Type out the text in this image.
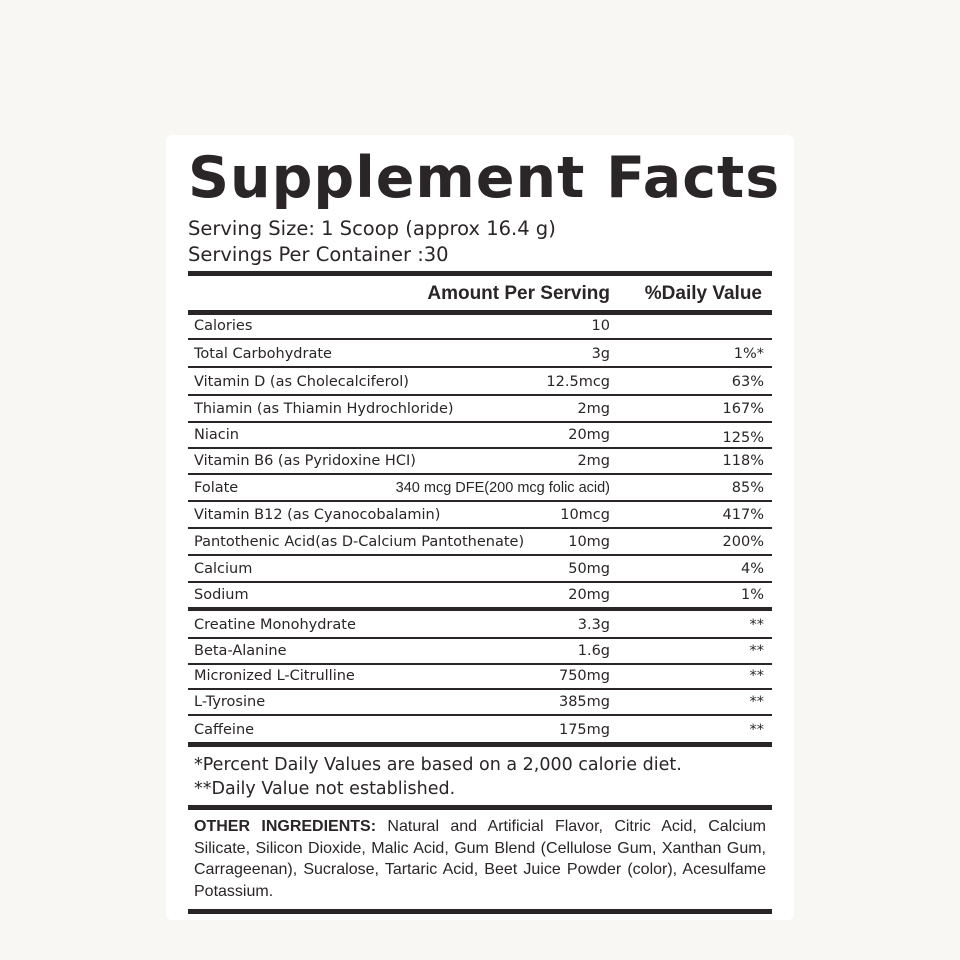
Supplement Facts
Serving Size: 1 Scoop (approx 16.4 g)
Servings Per Container :30
Amount Per Serving %Daily Value
Calories	10
Total Carbohydrate	3g	1%*
Vitamin D (as Cholecalciferol)	12.5mcg	63%
Thiamin (as Thiamin Hydrochloride)	2mg	167%
Niacin	20mg	125%
Vitamin B6 (as Pyridoxine HCI)	2mg	118%
Folate	340 mcg DFE(200 mcg folic acid)	85%
Vitamin B12 (as Cyanocobalamin)	10mcg	417%
Pantothenic Acid(as D-Calcium Pantothenate)	10mg	200%
Calcium	50mg	4%
Sodium	20mg	1%
Creatine Monohydrate	3.3g	**
Beta-Alanine	1.6g	**
Micronized L-Citrulline	750mg	**
L-Tyrosine	385mg	**
Caffeine	175mg	**
*Percent Daily Values are based on a 2,000 calorie diet.
**Daily Value not established.
OTHER INGREDIENTS: Natural and Artificial Flavor, Citric Acid, Calcium Silicate, Silicon Dioxide, Malic Acid, Gum Blend (Cellulose Gum, Xanthan Gum, Carrageenan), Sucralose, Tartaric Acid, Beet Juice Powder (color), Acesulfame Potassium.
